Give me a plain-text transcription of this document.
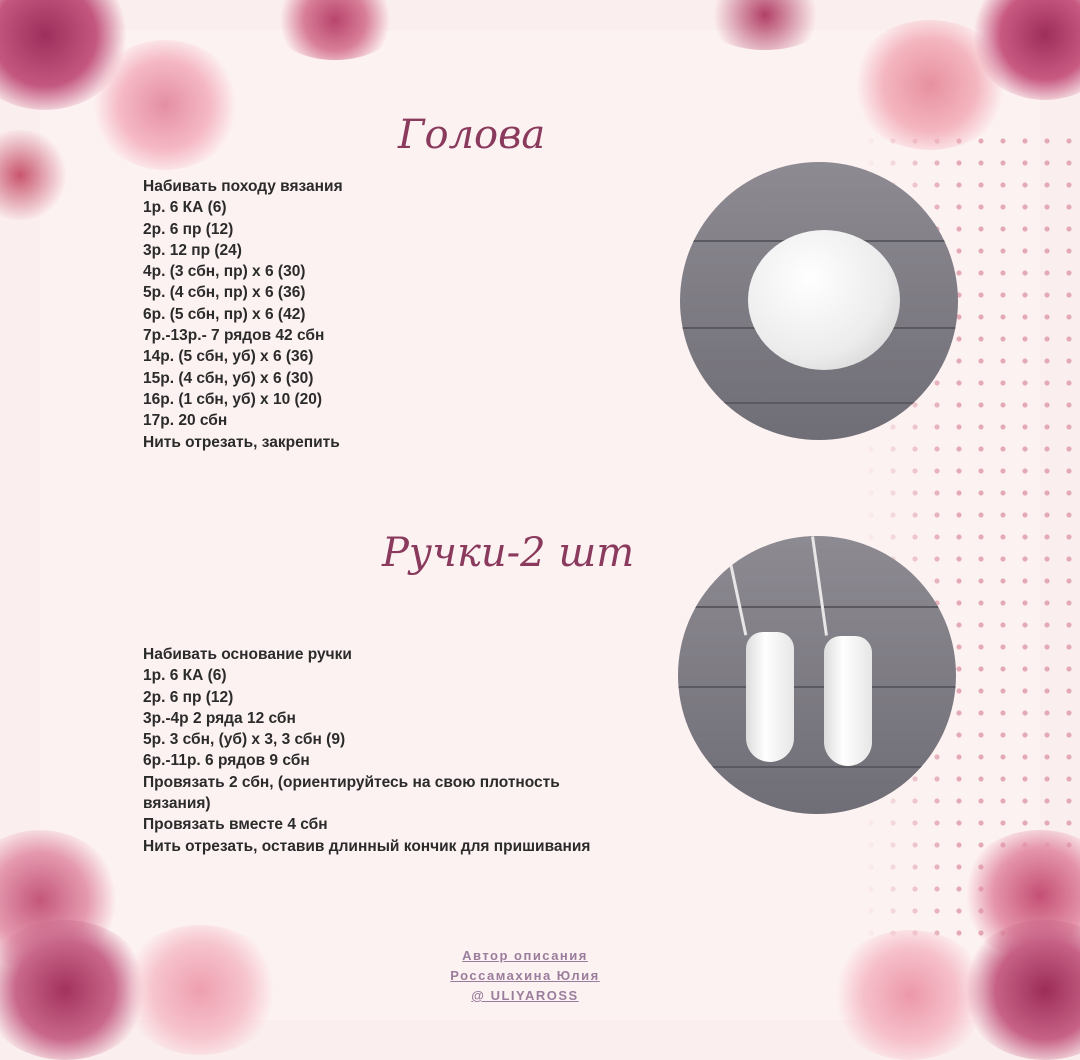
Голова
Набивать походу вязания
1р. 6 КА (6)
2р. 6 пр (12)
3р. 12 пр (24)
4р. (3 сбн, пр) х 6 (30)
5р. (4 сбн, пр) х 6 (36)
6р. (5 сбн, пр) х 6 (42)
7р.-13р.- 7 рядов 42 сбн
14р. (5 сбн, уб) х 6 (36)
15р. (4 сбн, уб) х 6 (30)
16р. (1 сбн, уб) х 10 (20)
17р. 20 сбн
Нить отрезать, закрепить
Ручки-2 шт
Набивать основание ручки
1р. 6 КА (6)
2р. 6 пр (12)
3р.-4р 2 ряда 12 сбн
5р. 3 сбн, (уб) х 3, 3 сбн (9)
6р.-11р. 6 рядов 9 сбн
Провязать 2 сбн, (ориентируйтесь на свою плотность
вязания)
Провязать вместе 4 сбн
Нить отрезать, оставив длинный кончик для пришивания
Автор описания
Россамахина Юлия
@ ULIYAROSS
